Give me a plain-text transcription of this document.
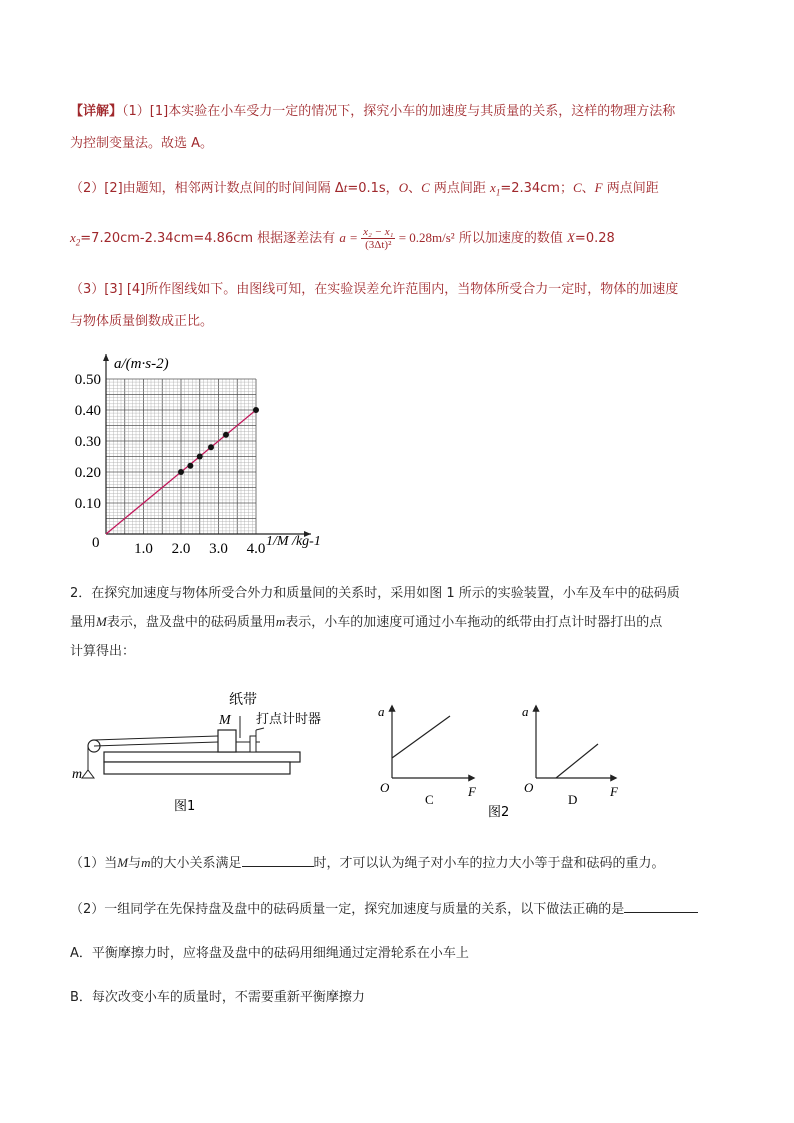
【详解】（1）[1]本实验在小车受力一定的情况下，探究小车的加速度与其质量的关系，这样的物理方法称
为控制变量法。故选 A。
（2）[2]由题知，相邻两计数点间的时间间隔 Δt=0.1s，O、C 两点间距 $x_1=2.34cm$；C、F 两点间距
$x_2=7.20cm-2.34cm=4.86cm$ 根据逐差法有 $a = \frac{\text{x₂ − x₁}}{\text{(3Δt)²}} = 0.28m/s^2$ 所以加速度的数值 X=0.28
（3）[3] [4]所作图线如下。由图线可知，在实验误差允许范围内，当物体所受合力一定时，物体的加速度
与物体质量倒数成正比。
1.0 2.0 3.0 4.0
0.10
0.20
0.30
0.40
0.50
a/(m·s-2)
1/M /kg-1
0
2．在探究加速度与物体所受合外力和质量间的关系时，采用如图 1 所示的实验装置，小车及车中的砝码质
量用M表示，盘及盘中的砝码质量用m表示，小车的加速度可通过小车拖动的纸带由打点计时器打出的点
计算得出：
纸带
M 打点计时器
m
图1
a
O	F
C
a
O	F
D
图2
（1）当M与m的大小关系满足	时，才可以认为绳子对小车的拉力大小等于盘和砝码的重力。
（2）一组同学在先保持盘及盘中的砝码质量一定，探究加速度与质量的关系，以下做法正确的是
A．平衡摩擦力时，应将盘及盘中的砝码用细绳通过定滑轮系在小车上
B．每次改变小车的质量时，不需要重新平衡摩擦力
